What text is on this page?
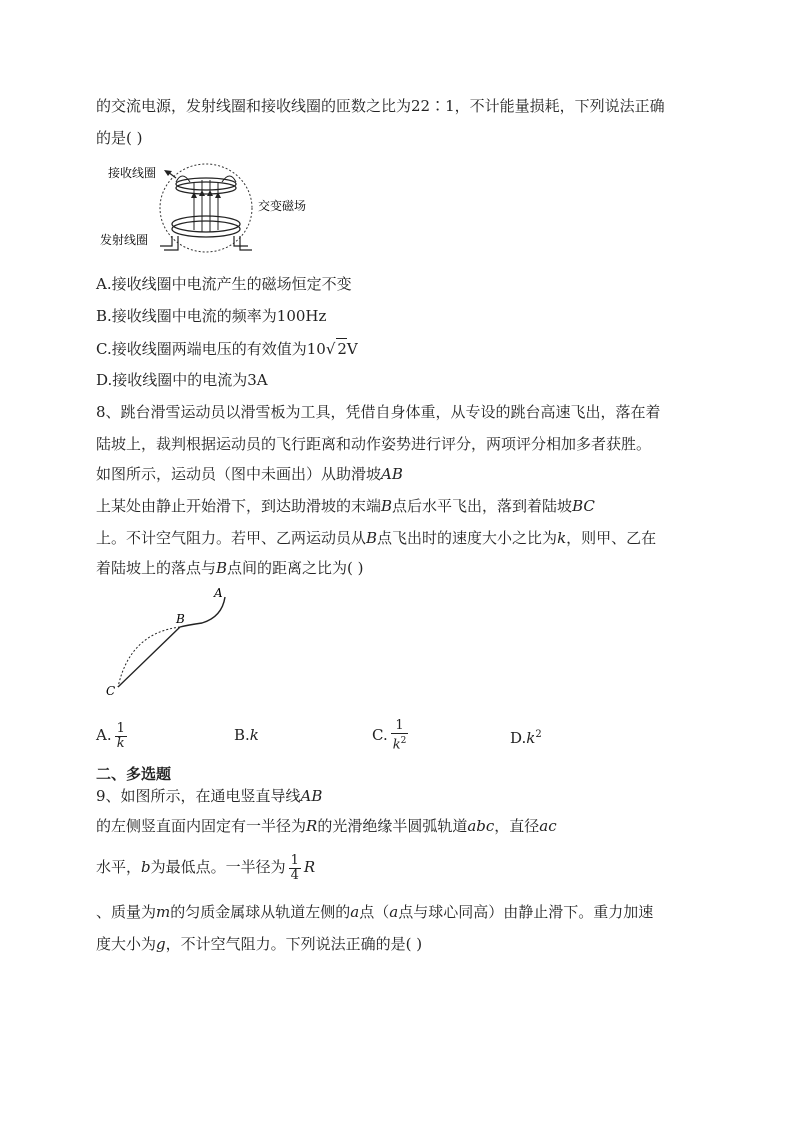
的交流电源，发射线圈和接收线圈的匝数之比为22∶1，不计能量损耗，下列说法正确
的是( )
接收线圈
发射线圈
交变磁场
A.接收线圈中电流产生的磁场恒定不变
B.接收线圈中电流的频率为100Hz
C.接收线圈两端电压的有效值为10√ 2V
D.接收线圈中的电流为3A
8、跳台滑雪运动员以滑雪板为工具，凭借自身体重，从专设的跳台高速飞出，落在着
陆坡上，裁判根据运动员的飞行距离和动作姿势进行评分，两项评分相加多者获胜。
如图所示，运动员（图中未画出）从助滑坡AB
上某处由静止开始滑下，到达助滑坡的末端B点后水平飞出，落到着陆坡BC
上。不计空气阻力。若甲、乙两运动员从B点飞出时的速度大小之比为k，则甲、乙在
着陆坡上的落点与B点间的距离之比为( )
A
B
C
A. $\frac{1}{k}$	B.k	C. $\frac{1}{k^2}$	$D.k^2$
二、多选题
9、如图所示，在通电竖直导线AB
的左侧竖直面内固定有一半径为R的光滑绝缘半圆弧轨道abc，直径ac
水平，b为最低点。一半径为 $\frac{1}{4}$ R
、质量为m的匀质金属球从轨道左侧的a点（a点与球心同高）由静止滑下。重力加速
度大小为g，不计空气阻力。下列说法正确的是( )
